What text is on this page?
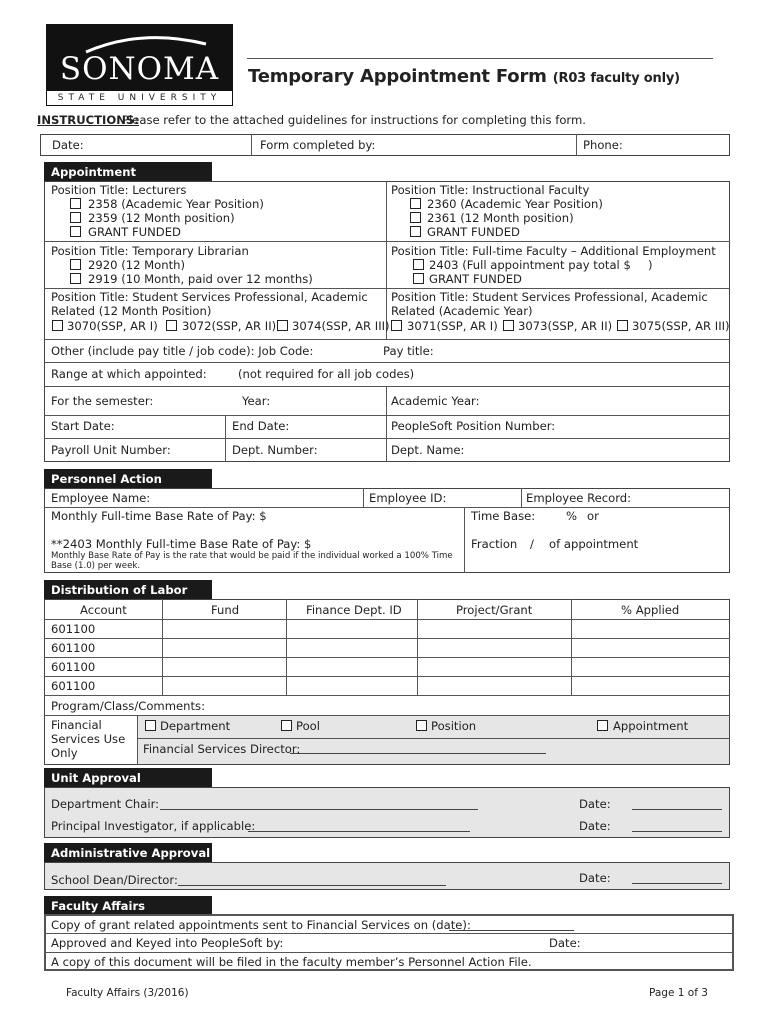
SONOMA
STATE UNIVERSITY
Temporary Appointment Form (R03 faculty only)
INSTRUCTIONS:
Please refer to the attached guidelines for instructions for completing this form.
Date:	Form completed by:	Phone:
Appointment
Position Title: Lecturers
2358 (Academic Year Position)
2359 (12 Month position)
GRANT FUNDED
Position Title: Instructional Faculty
2360 (Academic Year Position)
2361 (12 Month position)
GRANT FUNDED
Position Title: Temporary Librarian
2920 (12 Month)
2919 (10 Month, paid over 12 months)
Position Title: Full-time Faculty – Additional Employment
2403 (Full appointment pay total $ )
GRANT FUNDED
Position Title: Student Services Professional, Academic
Related (12 Month Position)
3070(SSP, AR I) 3072(SSP, AR II) 3074(SSP, AR III)
Position Title: Student Services Professional, Academic
Related (Academic Year)
3071(SSP, AR I) 3073(SSP, AR II) 3075(SSP, AR III)
Other (include pay title / job code): Job Code:	Pay title:
Range at which appointed:	(not required for all job codes)
For the semester:	Year:	Academic Year:
Start Date:	End Date:	PeopleSoft Position Number:
Payroll Unit Number:	Dept. Number:	Dept. Name:
Personnel Action
Employee Name:	Employee ID:	Employee Record:
Monthly Full-time Base Rate of Pay: $	Time Base:	% or
**2403 Monthly Full-time Base Rate of Pay: $	Fraction / of appointment
Monthly Base Rate of Pay is the rate that would be paid if the individual worked a 100% Time
Base (1.0) per week.
Distribution of Labor Cost Account	Fund	Finance Dept. ID	Project/Grant	% Applied
601100
601100
601100
601100
Program/Class/Comments:
Financial
Services Use
Only
Department	Pool	Position	Appointment
Financial Services Director:
Unit Approval
Department Chair:	Date:
Principal Investigator, if applicable:	Date:
Administrative Approval
School Dean/Director:	Date:
Faculty Affairs
Copy of grant related appointments sent to Financial Services on (date):
Approved and Keyed into PeopleSoft by:	Date:
A copy of this document will be filed in the faculty member’s Personnel Action File.
Faculty Affairs (3/2016)	Page 1 of 3
